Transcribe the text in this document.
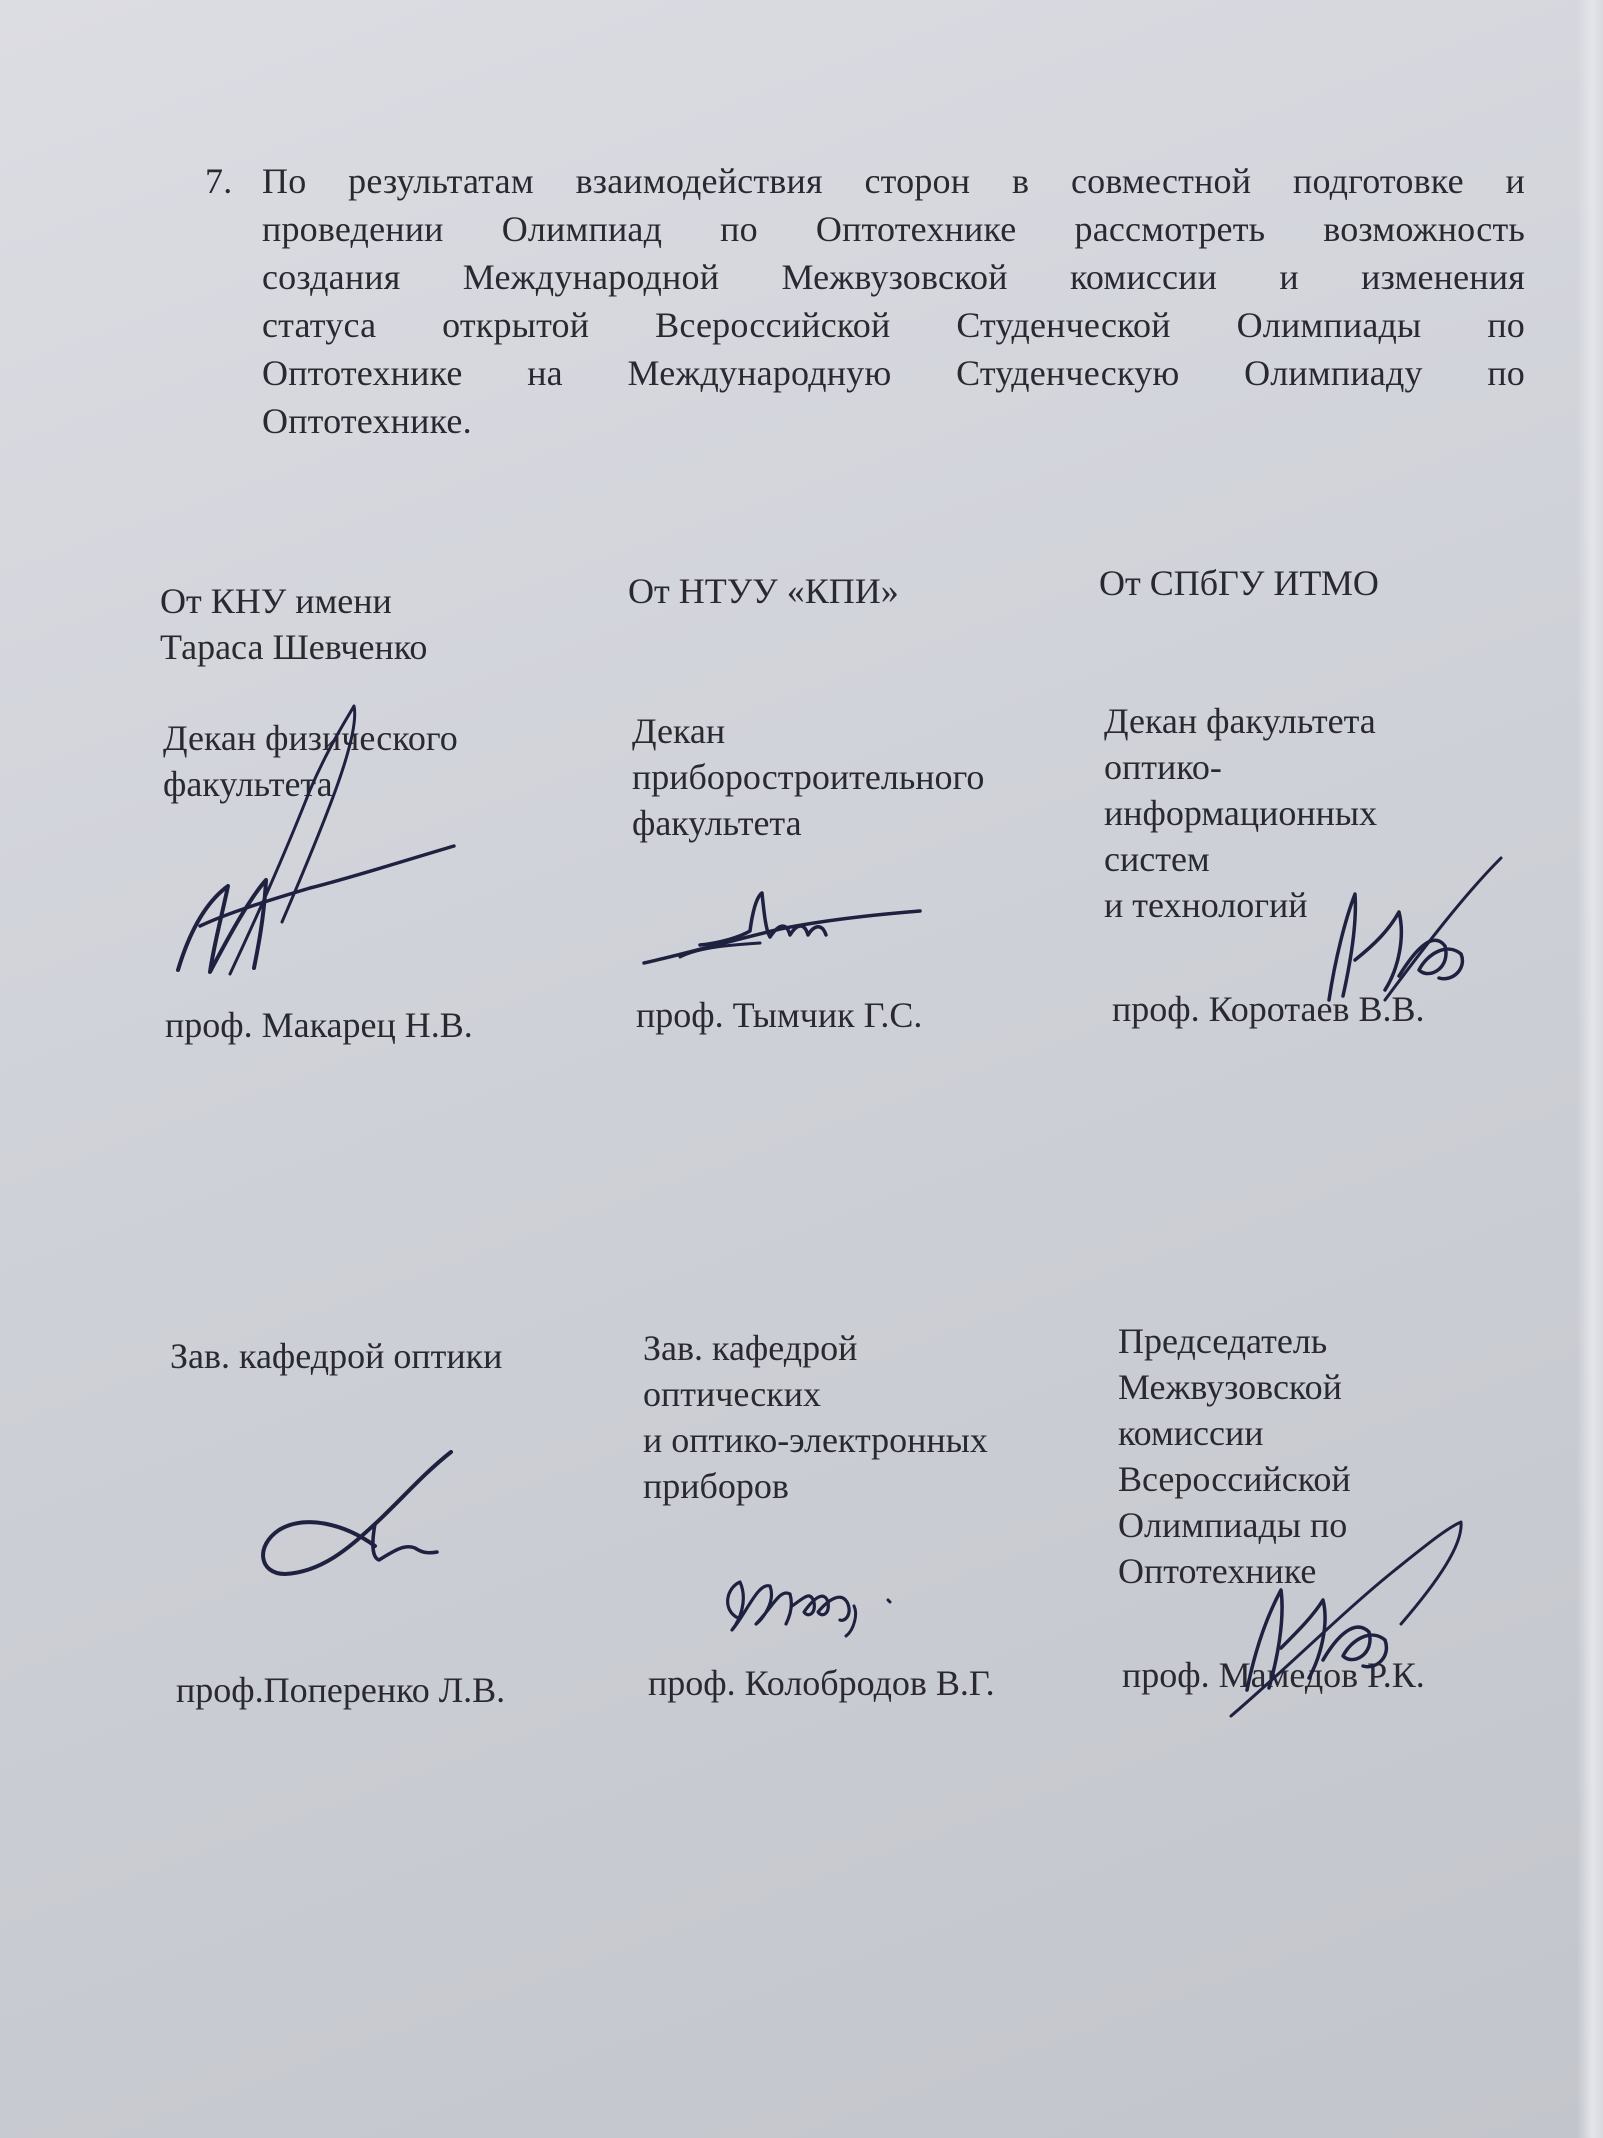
7. По результатам взаимодействия сторон в совместной подготовке и
проведении Олимпиад по Оптотехнике рассмотреть возможность
создания Международной Межвузовской комиссии и изменения
статуса открытой Всероссийской Студенческой Олимпиады по
Оптотехнике на Международную Студенческую Олимпиаду по
Оптотехнике.
От КНУ имени
Тараса Шевченко
Декан физического
факультета
проф. Макарец Н.В.
От НТУУ «КПИ»
Декан
приборостроительного
факультета
проф. Тымчик Г.С.
От СПбГУ ИТМО
Декан факультета
оптико-
информационных
систем
и технологий
проф. Коротаев В.В.
Зав. кафедрой оптики
проф.Поперенко Л.В.
Зав. кафедрой
оптических
и оптико-электронных
приборов
проф. Колобродов В.Г.
Председатель
Межвузовской
комиссии
Всероссийской
Олимпиады по
Оптотехнике
проф. Мамедов Р.К.
